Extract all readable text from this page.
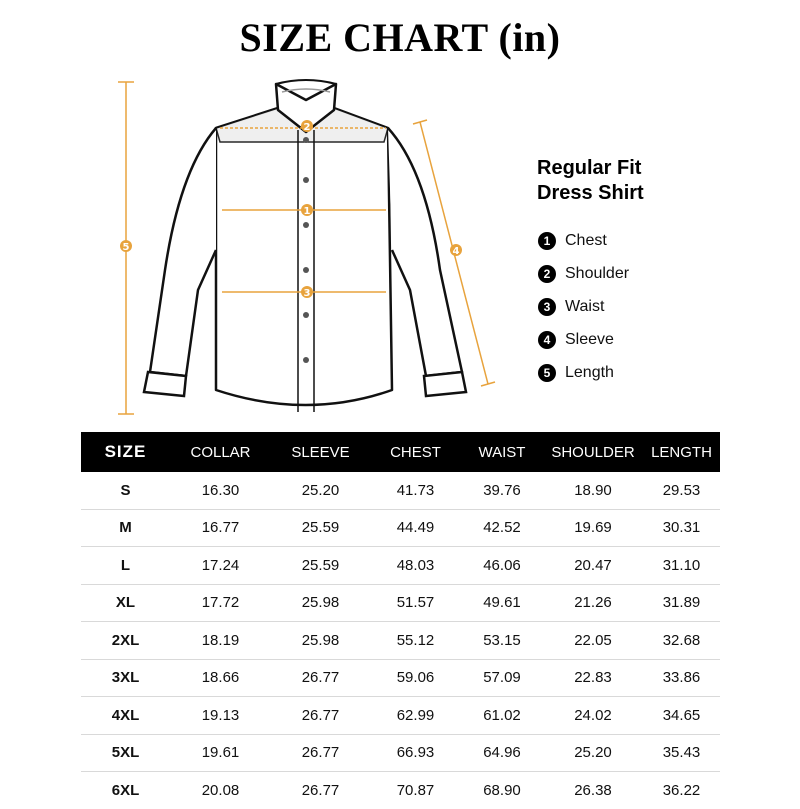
SIZE CHART (in)
1
2
3
4
5
Regular Fit
Dress Shirt
1 Chest
2 Shoulder
3 Waist
4 Sleeve
5 Length
SIZE	COLLAR	SLEEVE	CHEST	WAIST	SHOULDER	LENGTH
S	16.30	25.20	41.73	39.76	18.90	29.53
M	16.77	25.59	44.49	42.52	19.69	30.31
L	17.24	25.59	48.03	46.06	20.47	31.10
XL	17.72	25.98	51.57	49.61	21.26	31.89
2XL	18.19	25.98	55.12	53.15	22.05	32.68
3XL	18.66	26.77	59.06	57.09	22.83	33.86
4XL	19.13	26.77	62.99	61.02	24.02	34.65
5XL	19.61	26.77	66.93	64.96	25.20	35.43
6XL	20.08	26.77	70.87	68.90	26.38	36.22
